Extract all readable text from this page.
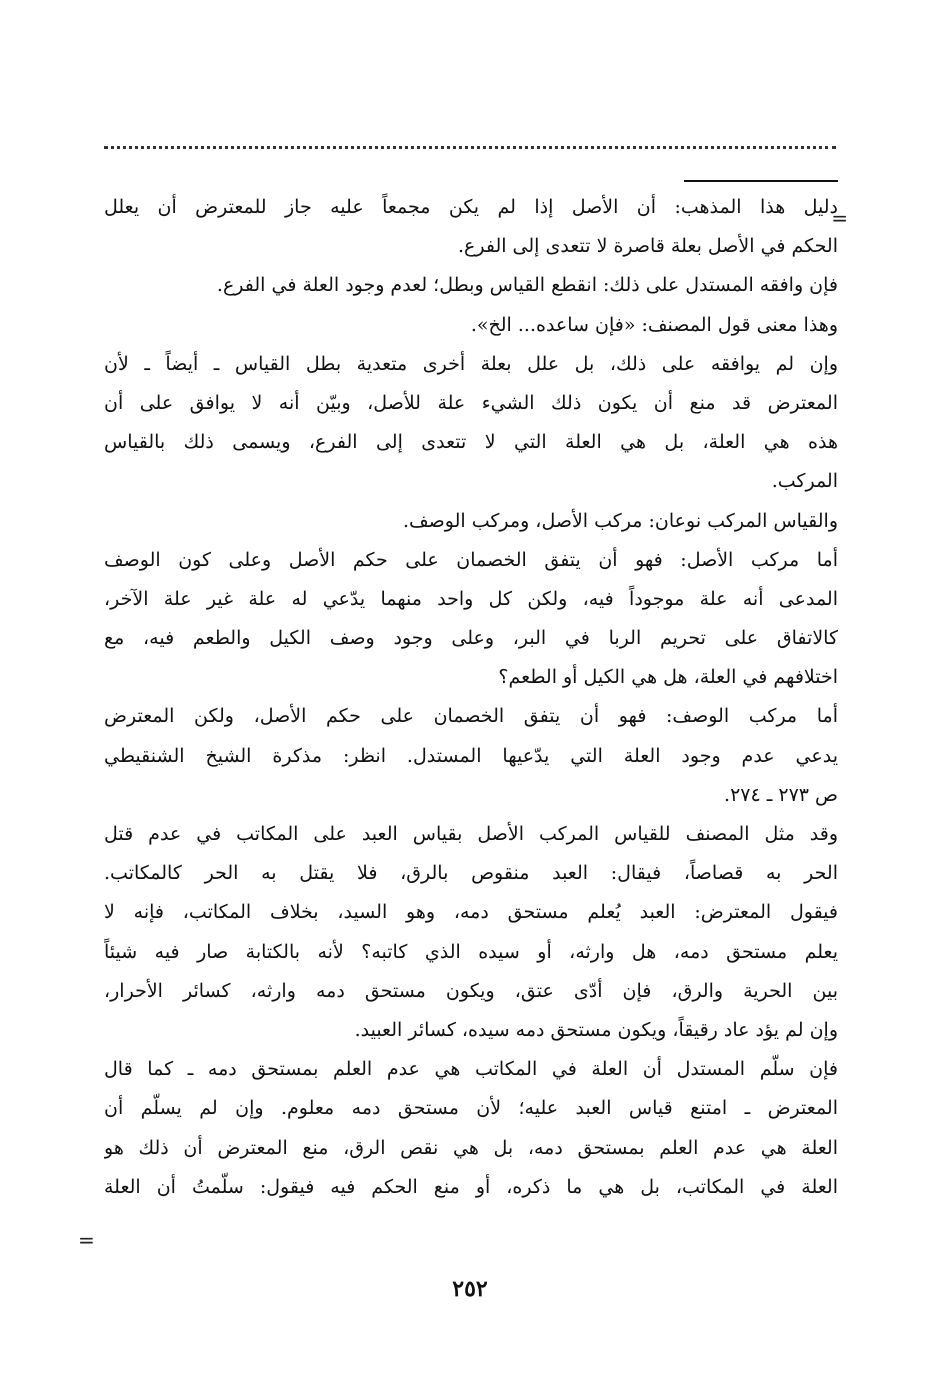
=
دليل هذا المذهب: أن الأصل إذا لم يكن مجمعاً عليه جاز للمعترض أن يعلل
الحكم في الأصل بعلة قاصرة لا تتعدى إلى الفرع.
فإن وافقه المستدل على ذلك: انقطع القياس وبطل؛ لعدم وجود العلة في الفرع.
وهذا معنى قول المصنف: «فإن ساعده... الخ».
وإن لم يوافقه على ذلك، بل علل بعلة أخرى متعدية بطل القياس ـ أيضاً ـ لأن
المعترض قد منع أن يكون ذلك الشيء علة للأصل، وبيّن أنه لا يوافق على أن
هذه هي العلة، بل هي العلة التي لا تتعدى إلى الفرع، ويسمى ذلك بالقياس
المركب.
والقياس المركب نوعان: مركب الأصل، ومركب الوصف.
أما مركب الأصل: فهو أن يتفق الخصمان على حكم الأصل وعلى كون الوصف
المدعى أنه علة موجوداً فيه، ولكن كل واحد منهما يدّعي له علة غير علة الآخر،
كالاتفاق على تحريم الربا في البر، وعلى وجود وصف الكيل والطعم فيه، مع
اختلافهم في العلة، هل هي الكيل أو الطعم؟
أما مركب الوصف: فهو أن يتفق الخصمان على حكم الأصل، ولكن المعترض
يدعي عدم وجود العلة التي يدّعيها المستدل. انظر: مذكرة الشيخ الشنقيطي
ص ٢٧٣ ـ ٢٧٤.
وقد مثل المصنف للقياس المركب الأصل بقياس العبد على المكاتب في عدم قتل
الحر به قصاصاً، فيقال: العبد منقوص بالرق، فلا يقتل به الحر كالمكاتب.
فيقول المعترض: العبد يُعلم مستحق دمه، وهو السيد، بخلاف المكاتب، فإنه لا
يعلم مستحق دمه، هل وارثه، أو سيده الذي كاتبه؟ لأنه بالكتابة صار فيه شيئاً
بين الحرية والرق، فإن أدّى عتق، ويكون مستحق دمه وارثه، كسائر الأحرار،
وإن لم يؤد عاد رقيقاً، ويكون مستحق دمه سيده، كسائر العبيد.
فإن سلّم المستدل أن العلة في المكاتب هي عدم العلم بمستحق دمه ـ كما قال
المعترض ـ امتنع قياس العبد عليه؛ لأن مستحق دمه معلوم. وإن لم يسلّم أن
العلة هي عدم العلم بمستحق دمه، بل هي نقص الرق، منع المعترض أن ذلك هو
العلة في المكاتب، بل هي ما ذكره، أو منع الحكم فيه فيقول: سلّمتُ أن العلة
=
٢٥٢
